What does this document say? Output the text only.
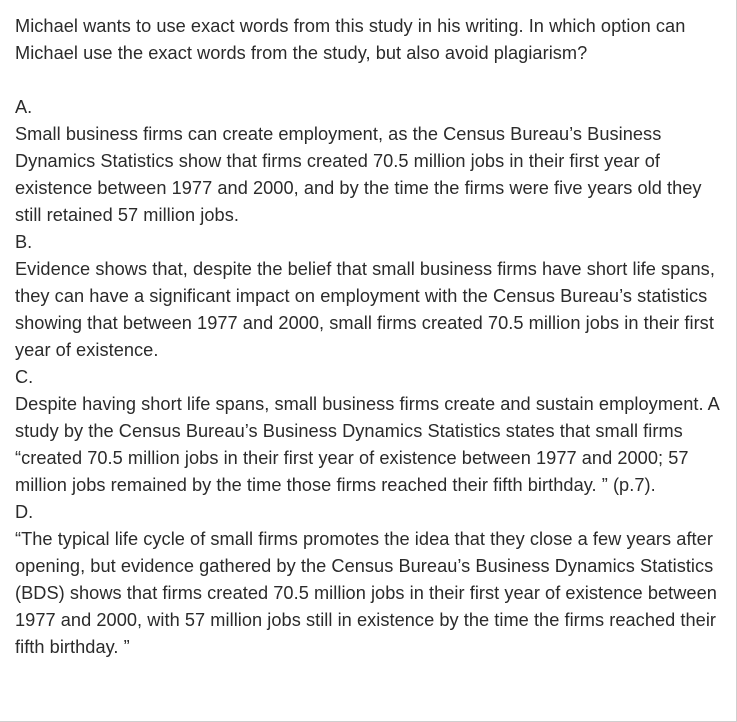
Michael wants to use exact words from this study in his writing. In which option can Michael use the exact words from the study, but also avoid plagiarism?

A.

Small business firms can create employment, as the Census Bureau’s Business Dynamics Statistics show that firms created 70.5 million jobs in their first year of existence between 1977 and 2000, and by the time the firms were five years old they still retained 57 million jobs.

B.

Evidence shows that, despite the belief that small business firms have short life spans, they can have a significant impact on employment with the Census Bureau’s statistics showing that between 1977 and 2000, small firms created 70.5 million jobs in their first year of existence.

C.

Despite having short life spans, small business firms create and sustain employment. A study by the Census Bureau’s Business Dynamics Statistics states that small firms “created 70.5 million jobs in their first year of existence between 1977 and 2000; 57 million jobs remained by the time those firms reached their fifth birthday. ” (p.7).

D.

“The typical life cycle of small firms promotes the idea that they close a few years after opening, but evidence gathered by the Census Bureau’s Business Dynamics Statistics (BDS) shows that firms created 70.5 million jobs in their first year of existence between 1977 and 2000, with 57 million jobs still in existence by the time the firms reached their fifth birthday. ”
